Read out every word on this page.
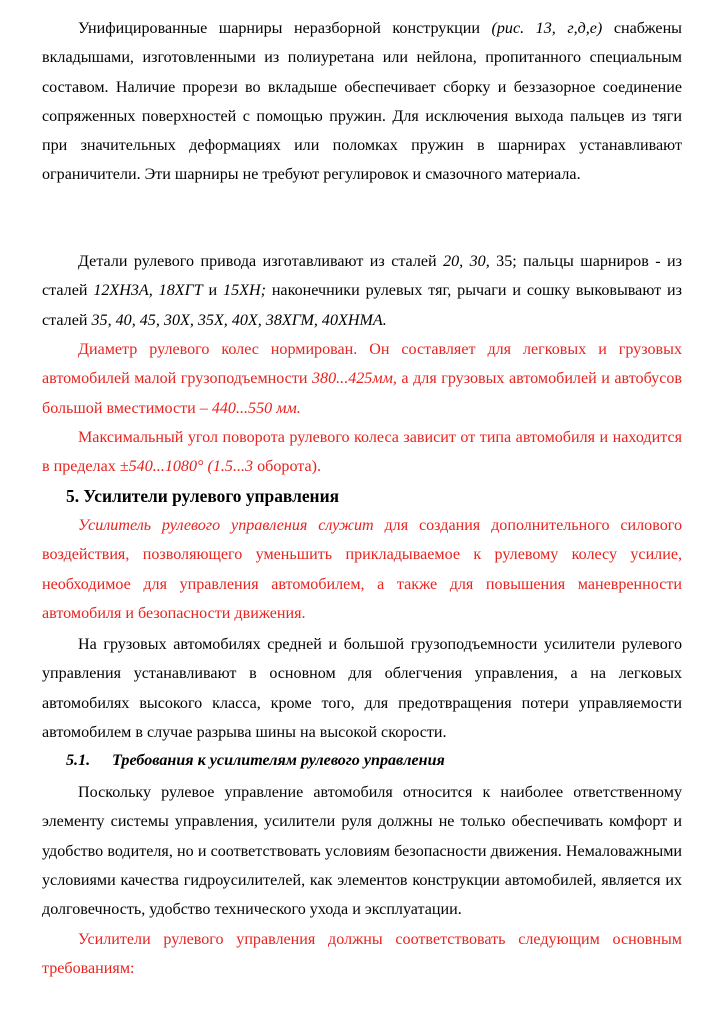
Унифицированные шарниры неразборной конструкции (рис. 13, г,д,е) снабжены вкладышами, изготовленными из полиуретана или нейлона, пропитанного специальным составом. Наличие прорези во вкладыше обеспечивает сборку и беззазорное соединение сопряженных поверхностей с помощью пружин. Для исключения выхода пальцев из тяги при значительных деформациях или поломках пружин в шарнирах устанавливают ограничители. Эти шарниры не требуют регулировок и смазочного материала.

Детали рулевого привода изготавливают из сталей 20, 30, 35; пальцы шарниров - из сталей 12ХН3А, 18ХГТ и 15ХН; наконечники рулевых тяг, рычаги и сошку выковывают из сталей 35, 40, 45, 30Х, 35Х, 40Х, 38ХГМ, 40ХНМА.

Диаметр рулевого колес нормирован. Он составляет для легковых и грузовых автомобилей малой грузоподъемности 380...425мм, а для грузовых автомобилей и автобусов большой вместимости – 440...550 мм.

Максимальный угол поворота рулевого колеса зависит от типа автомобиля и находится в пределах ±540...1080° (1.5...3 оборота).

5. Усилители рулевого управления

Усилитель рулевого управления служит для создания дополнительного силового воздействия, позволяющего уменьшить прикладываемое к рулевому колесу усилие, необходимое для управления автомобилем, а также для повышения маневренности автомобиля и безопасности движения.

На грузовых автомобилях средней и большой грузоподъемности усилители рулевого управления устанавливают в основном для облегчения управления, а на легковых автомобилях высокого класса, кроме того, для предотвращения потери управляемости автомобилем в случае разрыва шины на высокой скорости.

5.1. Требования к усилителям рулевого управления

Поскольку рулевое управление автомобиля относится к наиболее ответственному элементу системы управления, усилители руля должны не только обеспечивать комфорт и удобство водителя, но и соответствовать условиям безопасности движения. Немаловажными условиями качества гидроусилителей, как элементов конструкции автомобилей, является их долговечность, удобство технического ухода и эксплуатации.

Усилители рулевого управления должны соответствовать следующим основным требованиям:
